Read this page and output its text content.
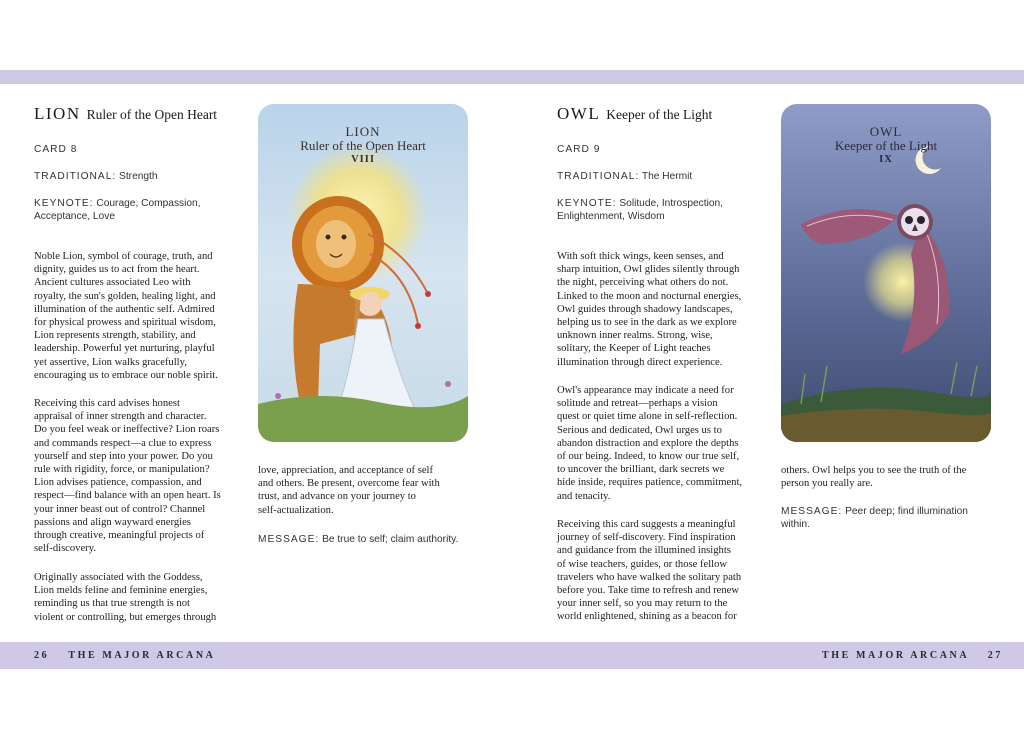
26 THE MAJOR ARCANA	THE MAJOR ARCANA 27
LION Ruler of the Open Heart
CARD 8
TRADITIONAL: Strength
KEYNOTE: Courage, Compassion,
Acceptance, Love
Noble Lion, symbol of courage, truth, and
dignity, guides us to act from the heart.
Ancient cultures associated Leo with
royalty, the sun's golden, healing light, and
illumination of the authentic self. Admired
for physical prowess and spiritual wisdom,
Lion represents strength, stability, and
leadership. Powerful yet nurturing, playful
yet assertive, Lion walks gracefully,
encouraging us to embrace our noble spirit.
Receiving this card advises honest
appraisal of inner strength and character.
Do you feel weak or ineffective? Lion roars
and commands respect—a clue to express
yourself and step into your power. Do you
rule with rigidity, force, or manipulation?
Lion advises patience, compassion, and
respect—find balance with an open heart. Is
your inner beast out of control? Channel
passions and align wayward energies
through creative, meaningful projects of
self-discovery.
Originally associated with the Goddess,
Lion melds feline and feminine energies,
reminding us that true strength is not
violent or controlling, but emerges through
love, appreciation, and acceptance of self
and others. Be present, overcome fear with
trust, and advance on your journey to
self-actualization.
MESSAGE: Be true to self; claim authority.
LION
Ruler of the Open Heart
VIII
OWL Keeper of the Light
CARD 9
TRADITIONAL: The Hermit
KEYNOTE: Solitude, Introspection,
Enlightenment, Wisdom
With soft thick wings, keen senses, and
sharp intuition, Owl glides silently through
the night, perceiving what others do not.
Linked to the moon and nocturnal energies,
Owl guides through shadowy landscapes,
helping us to see in the dark as we explore
unknown inner realms. Strong, wise,
solitary, the Keeper of Light teaches
illumination through direct experience.
Owl's appearance may indicate a need for
solitude and retreat—perhaps a vision
quest or quiet time alone in self-reflection.
Serious and dedicated, Owl urges us to
abandon distraction and explore the depths
of our being. Indeed, to know our true self,
to uncover the brilliant, dark secrets we
hide inside, requires patience, commitment,
and tenacity.
Receiving this card suggests a meaningful
journey of self-discovery. Find inspiration
and guidance from the illumined insights
of wise teachers, guides, or those fellow
travelers who have walked the solitary path
before you. Take time to refresh and renew
your inner self, so you may return to the
world enlightened, shining as a beacon for
others. Owl helps you to see the truth of the
person you really are.
MESSAGE: Peer deep; find illumination
within.
OWL
Keeper of the Light
IX
